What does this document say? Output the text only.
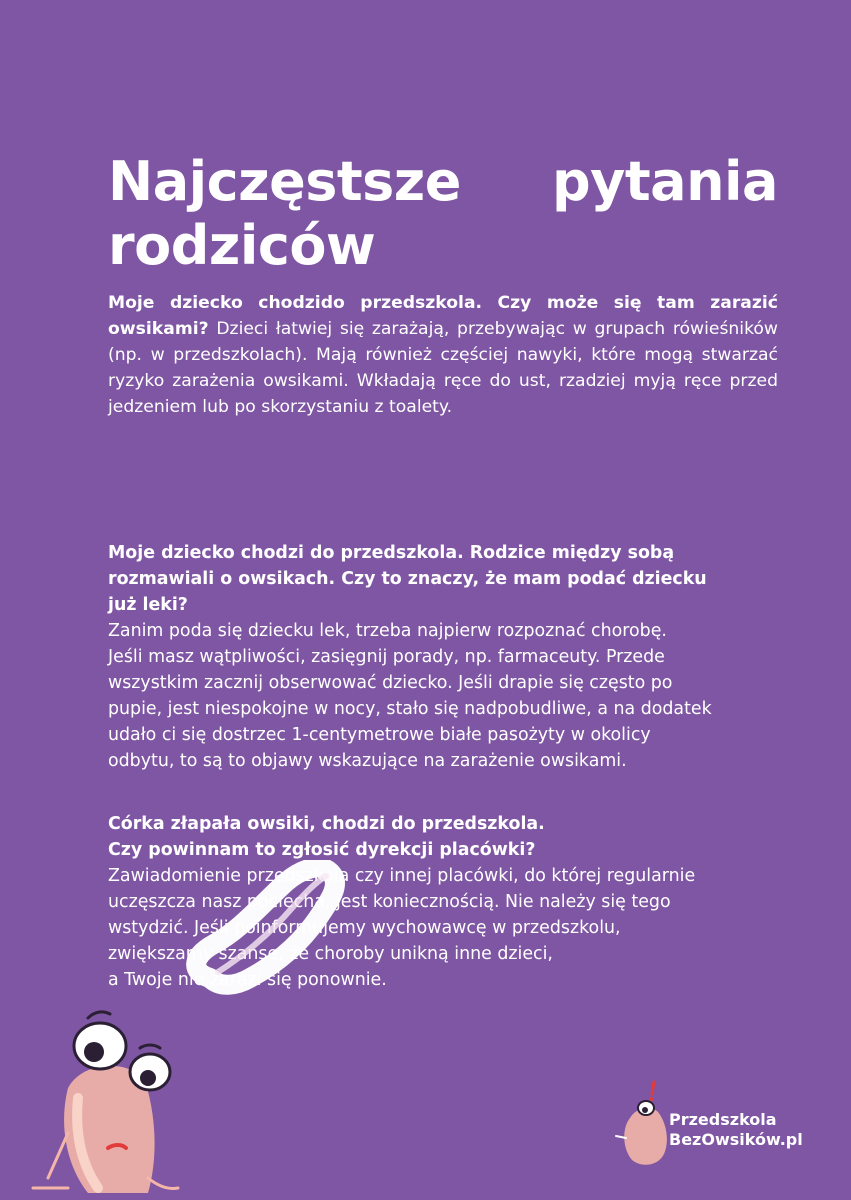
Najczęstsze pytania

rodziców

Moje dziecko chodzido przedszkola. Czy może się tam zarazić owsikami? Dzieci łatwiej się zarażają, przebywając w grupach rówieśników (np. w przedszkolach). Mają również częściej nawyki, które mogą stwarzać ryzyko zarażenia owsikami. Wkładają ręce do ust, rzadziej myją ręce przed jedzeniem lub po skorzystaniu z toalety.

Moje dziecko chodzi do przedszkola. Rodzice między sobą
rozmawiali o owsikach. Czy to znaczy, że mam podać dziecku
już leki?
Zanim poda się dziecku lek, trzeba najpierw rozpoznać chorobę.
Jeśli masz wątpliwości, zasięgnij porady, np. farmaceuty. Przede
wszystkim zacznij obserwować dziecko. Jeśli drapie się często po
pupie, jest niespokojne w nocy, stało się nadpobudliwe, a na dodatek
udało ci się dostrzec 1-centymetrowe białe pasożyty w okolicy
odbytu, to są to objawy wskazujące na zarażenie owsikami.
Córka złapała owsiki, chodzi do przedszkola.
Czy powinnam to zgłosić dyrekcji placówki?
Zawiadomienie przedszkola czy innej placówki, do której regularnie
uczęszcza nasz pociecha, jest koniecznością. Nie należy się tego
wstydzić. Jeśli poinformujemy wychowawcę w przedszkolu,
zwiększamy szanse, że choroby unikną inne dzieci,
a Twoje nie zarazi się ponownie.
Przedszkola
BezOwsików.pl
